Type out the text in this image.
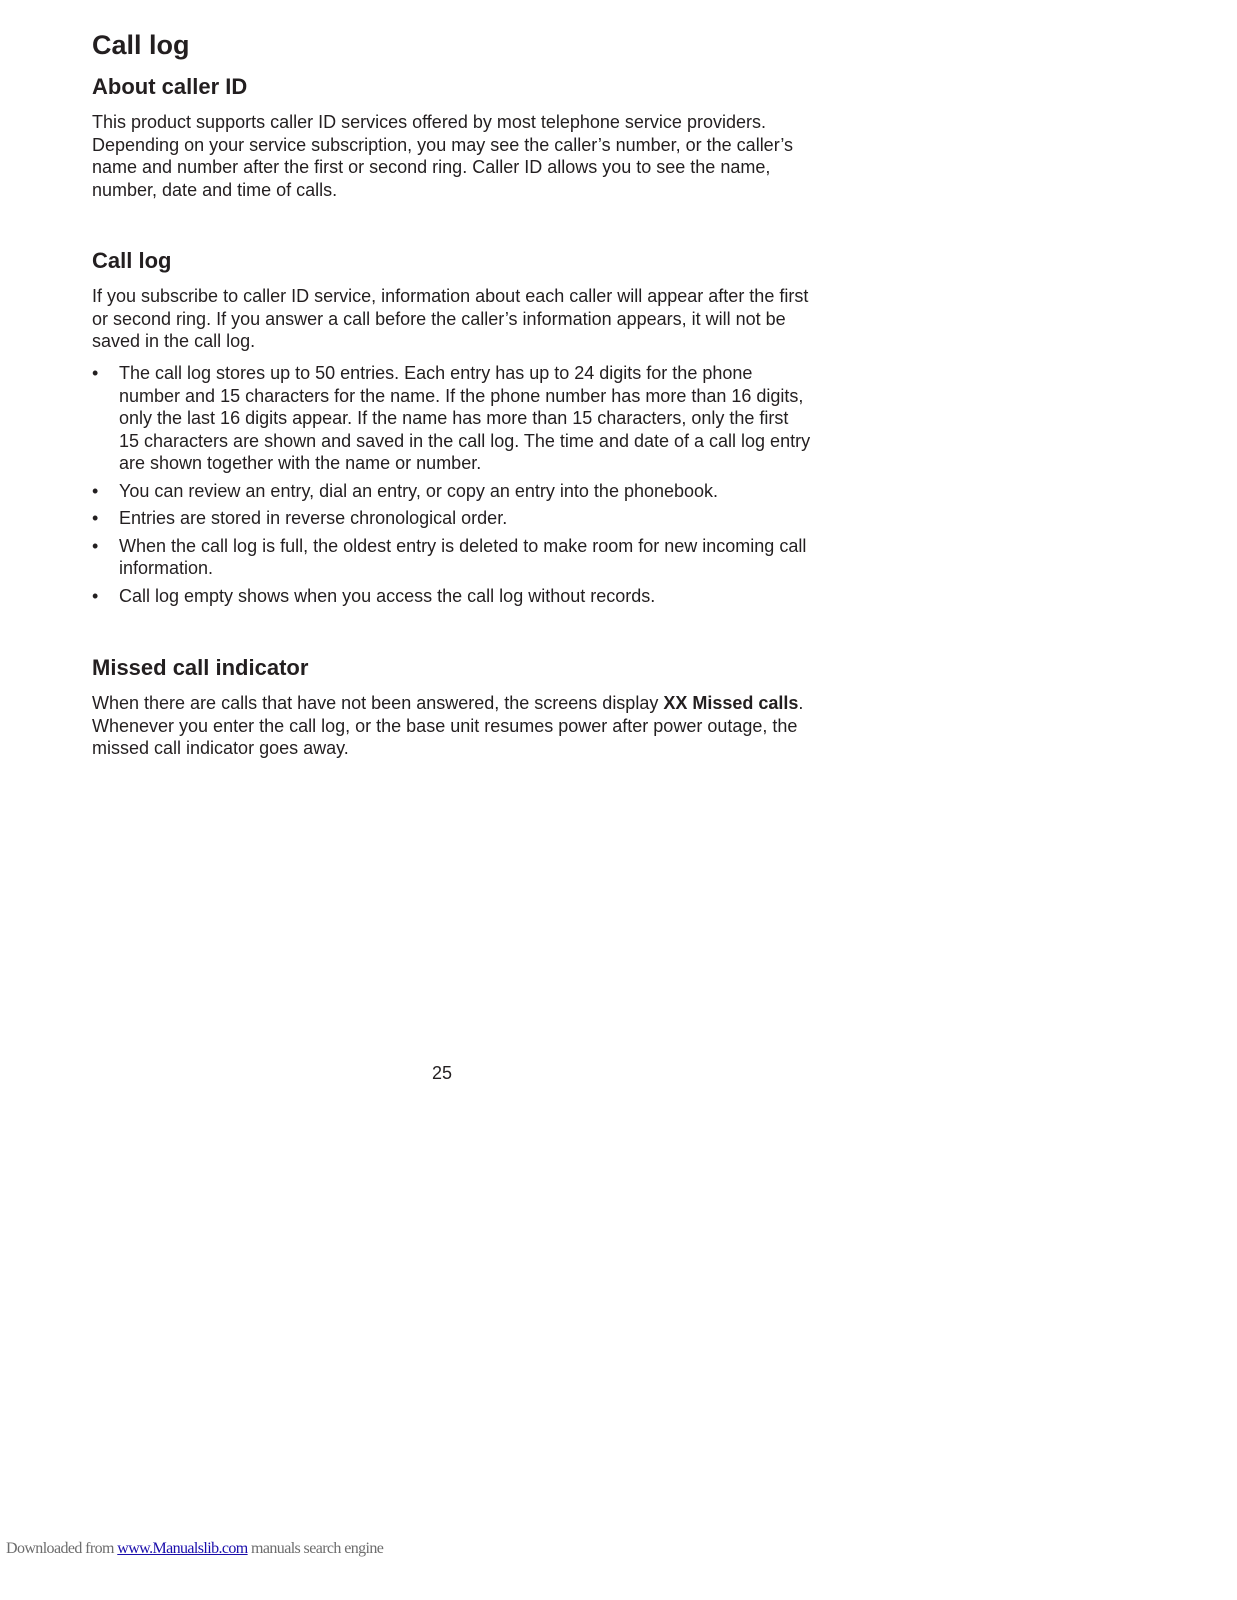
Call log
About caller ID

This product supports caller ID services offered by most telephone service providers. Depending on your service subscription, you may see the caller’s number, or the caller’s name and number after the first or second ring. Caller ID allows you to see the name, number, date and time of calls.

Call log

If you subscribe to caller ID service, information about each caller will appear after the first or second ring. If you answer a call before the caller’s information appears, it will not be saved in the call log.

• The call log stores up to 50 entries. Each entry has up to 24 digits for the phone number and 15 characters for the name. If the phone number has more than 16 digits, only the last 16 digits appear. If the name has more than 15 characters, only the first 15 characters are shown and saved in the call log. The time and date of a call log entry are shown together with the name or number.
• You can review an entry, dial an entry, or copy an entry into the phonebook.
• Entries are stored in reverse chronological order.
• When the call log is full, the oldest entry is deleted to make room for new incoming call information.
• Call log empty shows when you access the call log without records.
Missed call indicator

When there are calls that have not been answered, the screens display XX Missed calls. Whenever you enter the call log, or the base unit resumes power after power outage, the missed call indicator goes away.

25
Downloaded from www.Manualslib.com manuals search engine
